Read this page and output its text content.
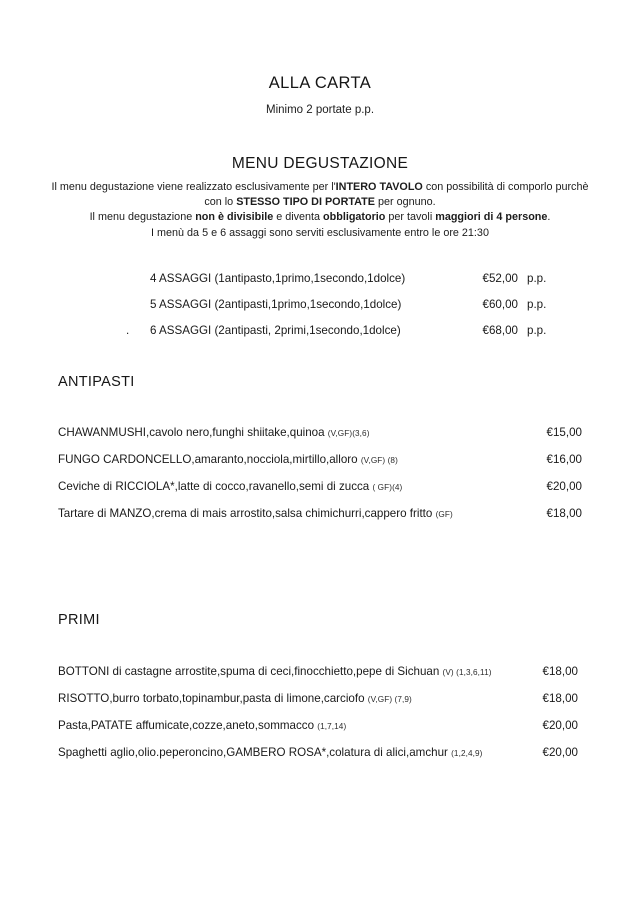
ALLA CARTA
Minimo 2 portate p.p.
MENU DEGUSTAZIONE
Il menu degustazione viene realizzato esclusivamente per l'INTERO TAVOLO con possibilità di comporlo purchè con lo STESSO TIPO DI PORTATE per ognuno.
Il menu degustazione non è divisibile e diventa obbligatorio per tavoli maggiori di 4 persone.
I menù da 5 e 6 assaggi sono serviti esclusivamente entro le ore 21:30
4 ASSAGGI (1antipasto,1primo,1secondo,1dolce)	€52,00 p.p.
5 ASSAGGI (2antipasti,1primo,1secondo,1dolce)	€60,00 p.p.
. 6 ASSAGGI (2antipasti, 2primi,1secondo,1dolce)	€68,00 p.p.
ANTIPASTI
CHAWANMUSHI,cavolo nero,funghi shiitake,quinoa (V,GF)(3,6)	€15,00
FUNGO CARDONCELLO,amaranto,nocciola,mirtillo,alloro (V,GF) (8)	€16,00
Ceviche di RICCIOLA*,latte di cocco,ravanello,semi di zucca ( GF)(4)	€20,00
Tartare di MANZO,crema di mais arrostito,salsa chimichurri,cappero fritto (GF)	€18,00
PRIMI
BOTTONI di castagne arrostite,spuma di ceci,finocchietto,pepe di Sichuan (V) (1,3,6,11)	€18,00
RISOTTO,burro torbato,topinambur,pasta di limone,carciofo (V,GF) (7,9)	€18,00
Pasta,PATATE affumicate,cozze,aneto,sommacco (1,7,14)	€20,00
Spaghetti aglio,olio.peperoncino,GAMBERO ROSA*,colatura di alici,amchur (1,2,4,9)	€20,00
